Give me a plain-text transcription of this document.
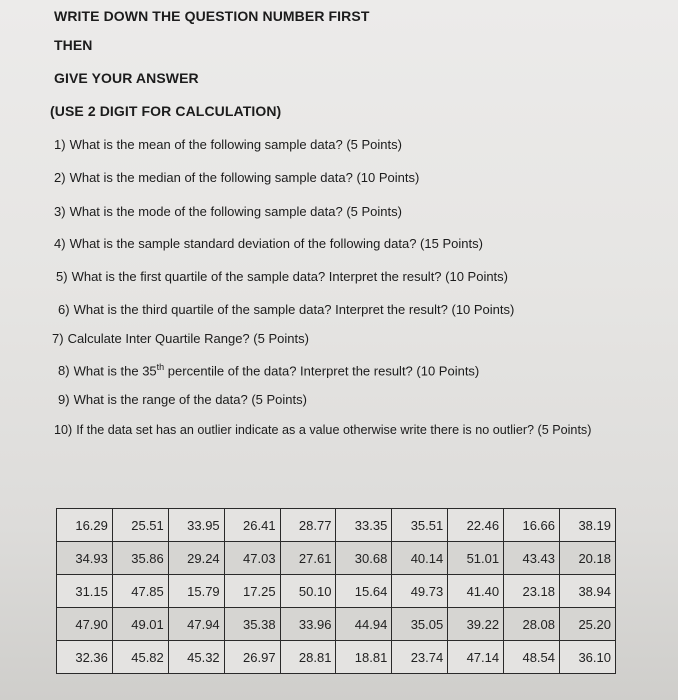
WRITE DOWN THE QUESTION NUMBER FIRST
THEN
GIVE YOUR ANSWER
(USE 2 DIGIT FOR CALCULATION)
1) What is the mean of the following sample data? (5 Points)
2) What is the median of the following sample data? (10 Points)
3) What is the mode of the following sample data? (5 Points)
4) What is the sample standard deviation of the following data? (15 Points)
5) What is the first quartile of the sample data? Interpret the result? (10 Points)
6) What is the third quartile of the sample data? Interpret the result? (10 Points)
7) Calculate Inter Quartile Range? (5 Points)
8) What is the 35th percentile of the data? Interpret the result? (10 Points)
9) What is the range of the data? (5 Points)
10) If the data set has an outlier indicate as a value otherwise write there is no outlier? (5 Points)
16.29	25.51	33.95	26.41	28.77	33.35	35.51	22.46	16.66	38.19
34.93	35.86	29.24	47.03	27.61	30.68	40.14	51.01	43.43	20.18
31.15	47.85	15.79	17.25	50.10	15.64	49.73	41.40	23.18	38.94
47.90	49.01	47.94	35.38	33.96	44.94	35.05	39.22	28.08	25.20
32.36	45.82	45.32	26.97	28.81	18.81	23.74	47.14	48.54	36.10
